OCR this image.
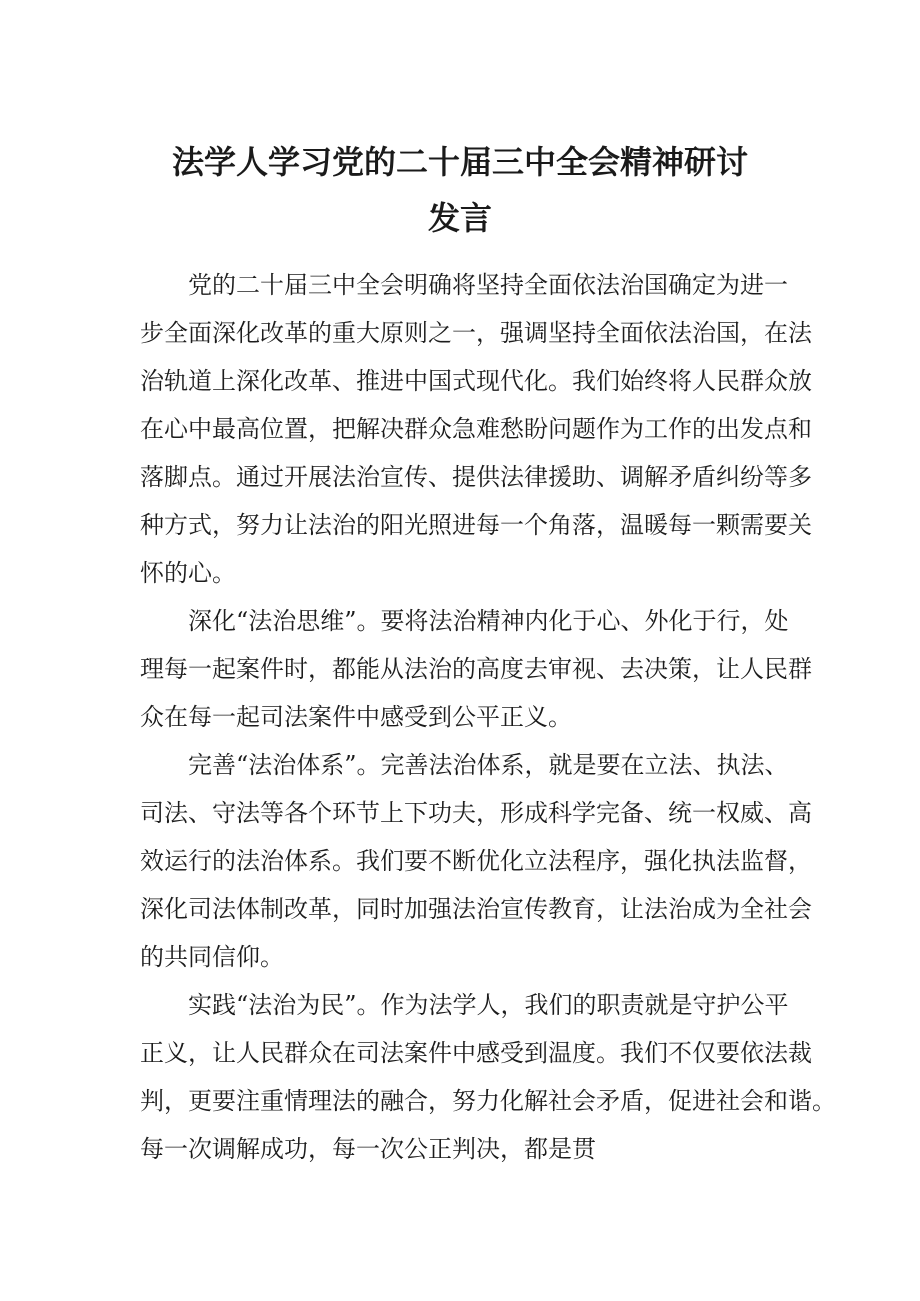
法学人学习党的二十届三中全会精神研讨
发言

党的二十届三中全会明确将坚持全面依法治国确定为进一

步全面深化改革的重大原则之一，强调坚持全面依法治国，在法

治轨道上深化改革、推进中国式现代化。我们始终将人民群众放

在心中最高位置，把解决群众急难愁盼问题作为工作的出发点和

落脚点。通过开展法治宣传、提供法律援助、调解矛盾纠纷等多

种方式，努力让法治的阳光照进每一个角落，温暖每一颗需要关

怀的心。

深化“法治思维”。要将法治精神内化于心、外化于行，处

理每一起案件时，都能从法治的高度去审视、去决策，让人民群

众在每一起司法案件中感受到公平正义。

完善“法治体系”。完善法治体系，就是要在立法、执法、

司法、守法等各个环节上下功夫，形成科学完备、统一权威、高

效运行的法治体系。我们要不断优化立法程序，强化执法监督，

深化司法体制改革，同时加强法治宣传教育，让法治成为全社会

的共同信仰。

实践“法治为民”。作为法学人，我们的职责就是守护公平

正义，让人民群众在司法案件中感受到温度。我们不仅要依法裁

判，更要注重情理法的融合，努力化解社会矛盾，促进社会和谐。

每一次调解成功，每一次公正判决，都是贯
